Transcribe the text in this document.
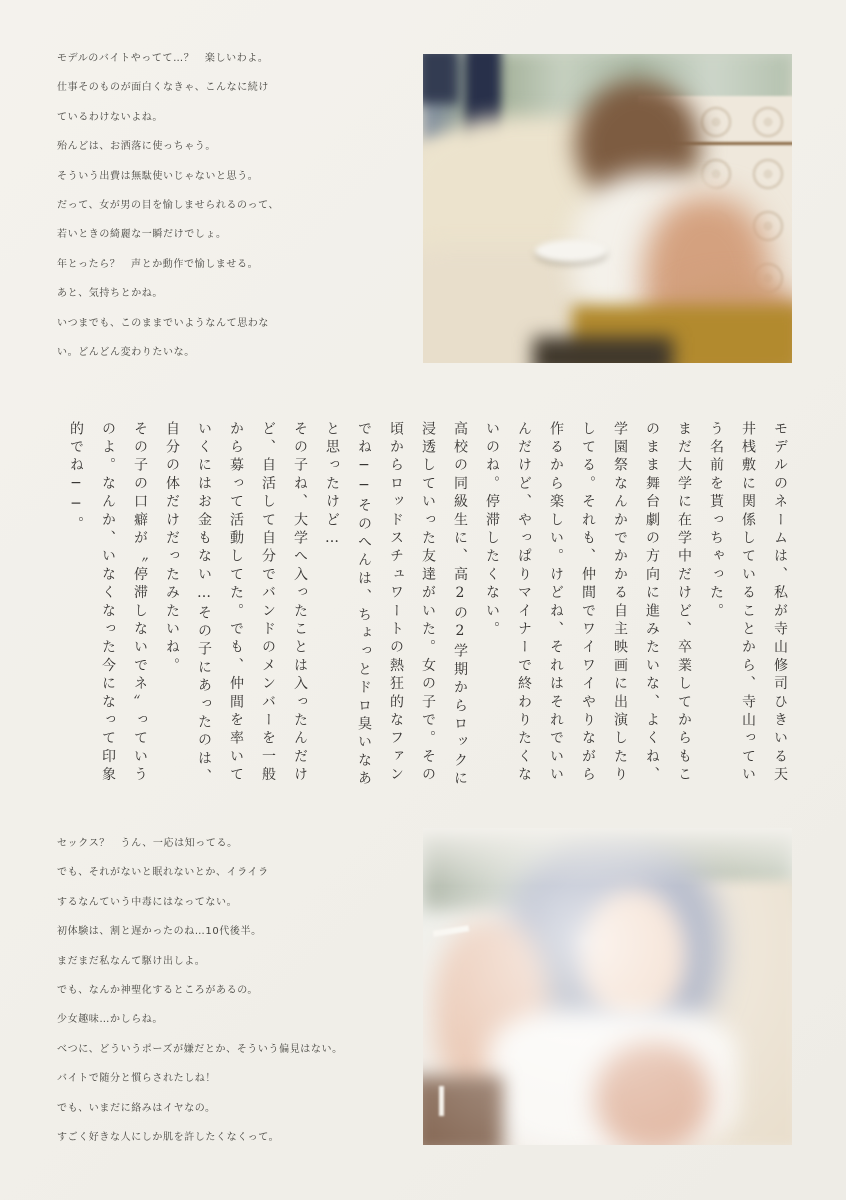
モデルのバイトやってて…？　楽しいわよ。
仕事そのものが面白くなきゃ、こんなに続け
ているわけないよね。
殆んどは、お洒落に使っちゃう。
そういう出費は無駄使いじゃないと思う。
だって、女が男の目を愉しませられるのって、
若いときの綺麗な一瞬だけでしょ。
年とったら？　声とか動作で愉しませる。
あと、気持ちとかね。
いつまでも、このままでいようなんて思わな
い。どんどん変わりたいな。

モデルのネームは、私が寺山修司ひきいる天井桟敷に関係していることから、寺山っていう名前を貰っちゃった。

まだ大学に在学中だけど、卒業してからもこのまま舞台劇の方向に進みたいな、よくね、学園祭なんかでかかる自主映画に出演したりしてる。それも、仲間でワイワイやりながら作るから楽しい。けどね、それはそれでいいんだけど、やっぱりマイナーで終わりたくないのね。停滞したくない。

高校の同級生に、高2の2学期からロックに浸透していった友達がいた。女の子で。その頃からロッドスチュワートの熱狂的なファンでね──そのへんは、ちょっとドロ臭いなあと思ったけど…

その子ね、大学へ入ったことは入ったんだけど、自活して自分でバンドのメンバーを一般から募って活動してた。でも、仲間を率いていくにはお金もない…その子にあったのは、自分の体だけだったみたいね。

その子の口癖が〝停滞しないでネ〞っていうのよ。なんか、いなくなった今になって印象的でね──。

セックス？　うん、一応は知ってる。
でも、それがないと眠れないとか、イライラ
するなんていう中毒にはなってない。
初体験は、割と遅かったのね…10代後半。
まだまだ私なんて駆け出しよ。
でも、なんか神聖化するところがあるの。
少女趣味…かしらね。
べつに、どういうポーズが嫌だとか、そういう偏見はない。
バイトで随分と慣らされたしね！
でも、いまだに絡みはイヤなの。
すごく好きな人にしか肌を許したくなくって。
